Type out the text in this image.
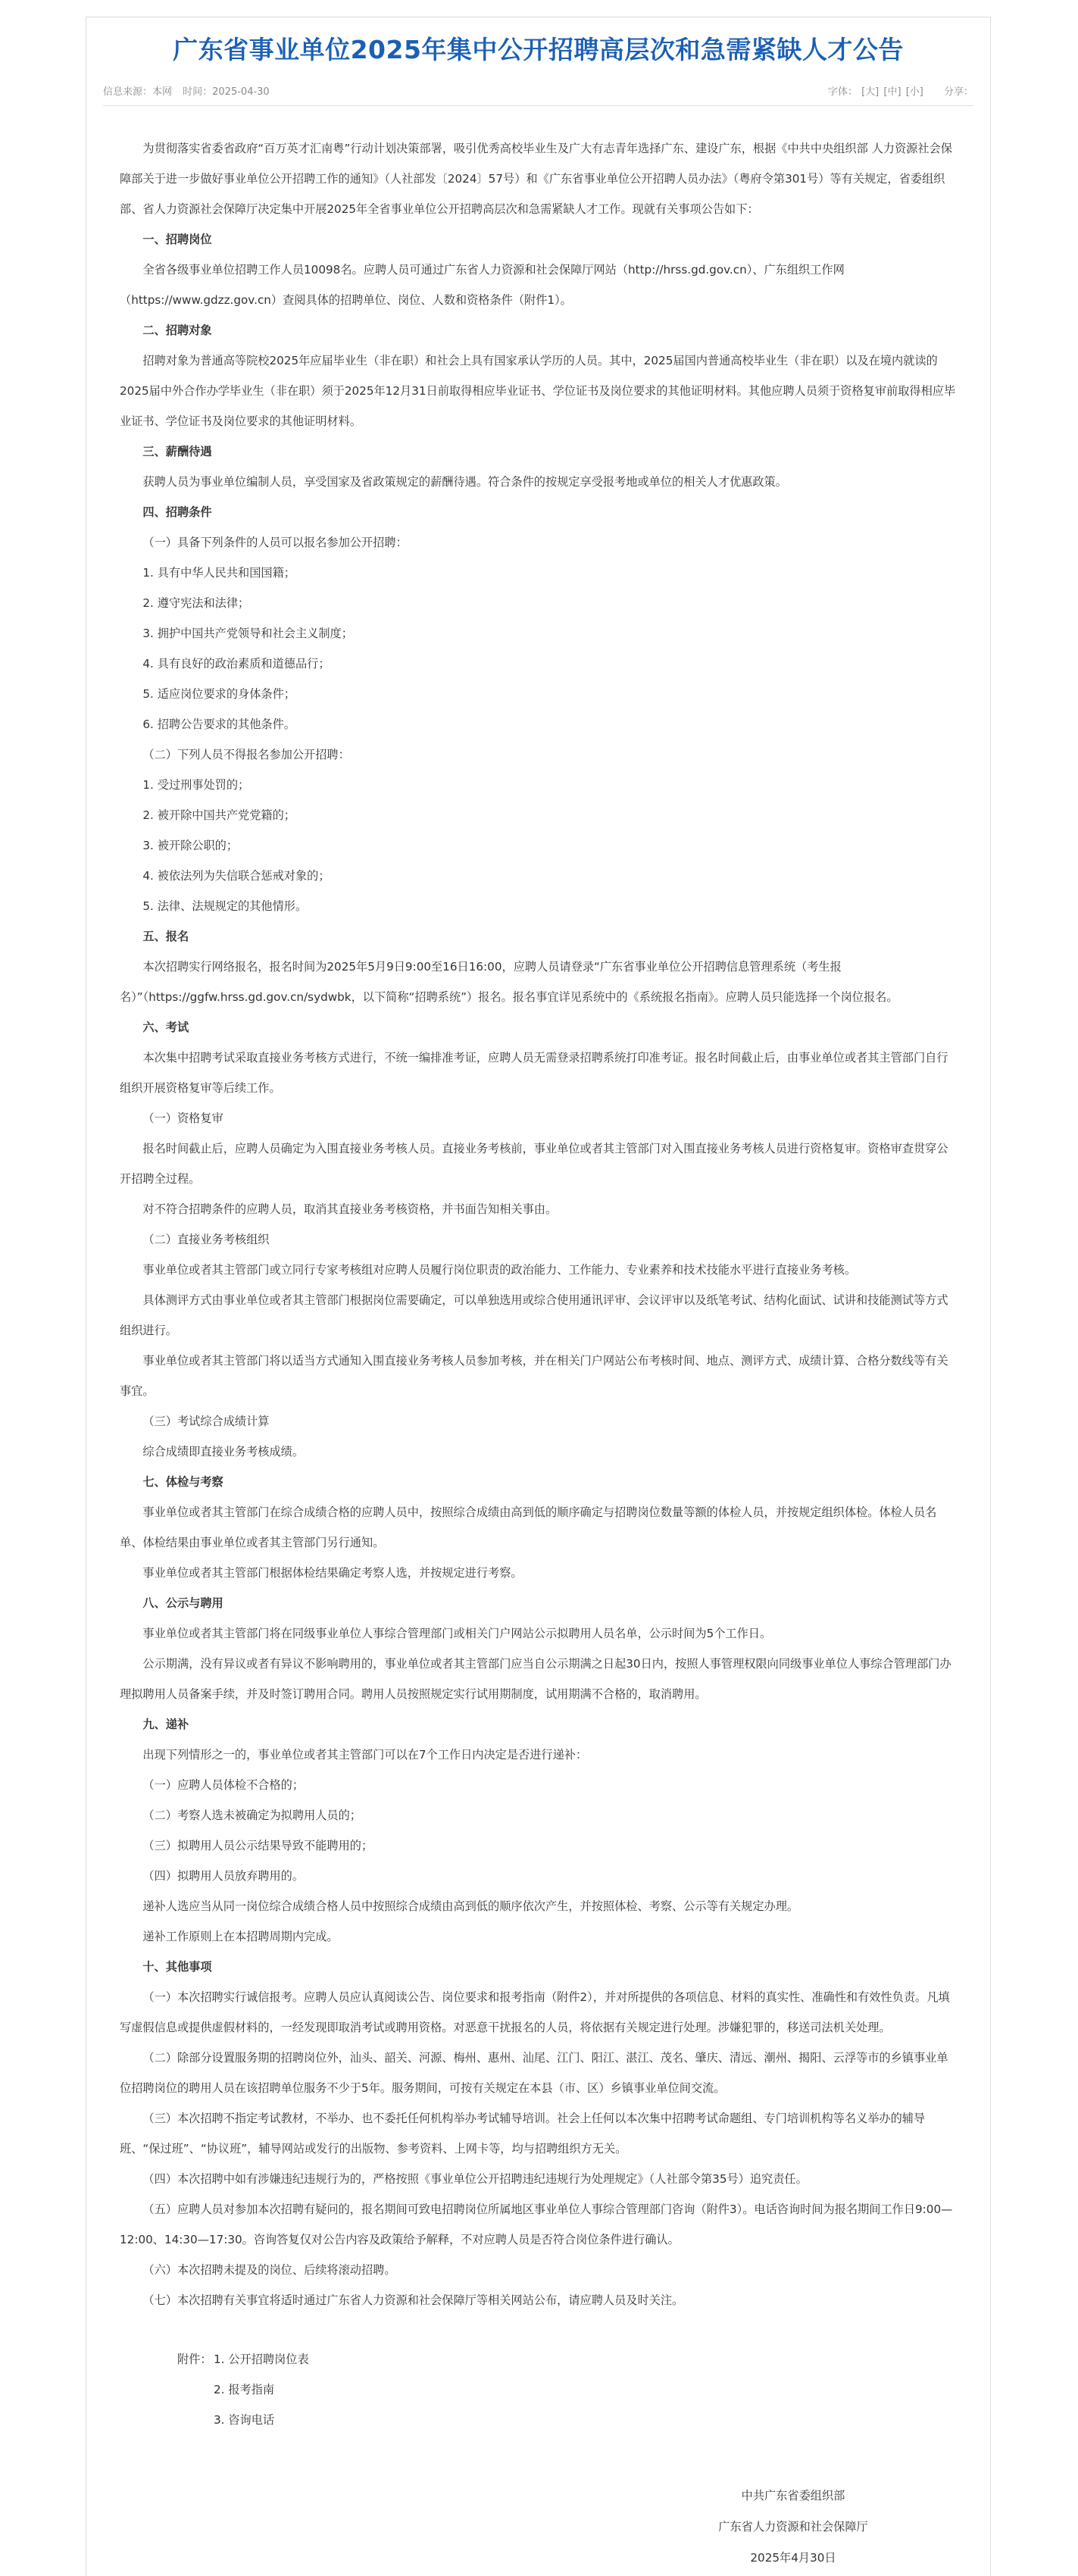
广东省事业单位2025年集中公开招聘高层次和急需紧缺人才公告
信息来源：本网 时间：2025-04-30	字体： [大] [中] [小] 分享：

为贯彻落实省委省政府“百万英才汇南粤”行动计划决策部署，吸引优秀高校毕业生及广大有志青年选择广东、建设广东，根据《中共中央组织部 人力资源社会保障部关于进一步做好事业单位公开招聘工作的通知》（人社部发〔2024〕57号）和《广东省事业单位公开招聘人员办法》（粤府令第301号）等有关规定，省委组织部、省人力资源社会保障厅决定集中开展2025年全省事业单位公开招聘高层次和急需紧缺人才工作。现就有关事项公告如下：

一、招聘岗位

全省各级事业单位招聘工作人员10098名。应聘人员可通过广东省人力资源和社会保障厅网站（http://hrss.gd.gov.cn）、广东组织工作网（https://www.gdzz.gov.cn）查阅具体的招聘单位、岗位、人数和资格条件（附件1）。

二、招聘对象

招聘对象为普通高等院校2025年应届毕业生（非在职）和社会上具有国家承认学历的人员。其中，2025届国内普通高校毕业生（非在职）以及在境内就读的2025届中外合作办学毕业生（非在职）须于2025年12月31日前取得相应毕业证书、学位证书及岗位要求的其他证明材料。其他应聘人员须于资格复审前取得相应毕业证书、学位证书及岗位要求的其他证明材料。

三、薪酬待遇

获聘人员为事业单位编制人员，享受国家及省政策规定的薪酬待遇。符合条件的按规定享受报考地或单位的相关人才优惠政策。

四、招聘条件

（一）具备下列条件的人员可以报名参加公开招聘：

1. 具有中华人民共和国国籍；

2. 遵守宪法和法律；

3. 拥护中国共产党领导和社会主义制度；

4. 具有良好的政治素质和道德品行；

5. 适应岗位要求的身体条件；

6. 招聘公告要求的其他条件。

（二）下列人员不得报名参加公开招聘：

1. 受过刑事处罚的；

2. 被开除中国共产党党籍的；

3. 被开除公职的；

4. 被依法列为失信联合惩戒对象的；

5. 法律、法规规定的其他情形。

五、报名

本次招聘实行网络报名，报名时间为2025年5月9日9:00至16日16:00，应聘人员请登录“广东省事业单位公开招聘信息管理系统（考生报名）”（https://ggfw.hrss.gd.gov.cn/sydwbk，以下简称“招聘系统”）报名。报名事宜详见系统中的《系统报名指南》。应聘人员只能选择一个岗位报名。

六、考试

本次集中招聘考试采取直接业务考核方式进行，不统一编排准考证，应聘人员无需登录招聘系统打印准考证。报名时间截止后，由事业单位或者其主管部门自行组织开展资格复审等后续工作。

（一）资格复审

报名时间截止后，应聘人员确定为入围直接业务考核人员。直接业务考核前，事业单位或者其主管部门对入围直接业务考核人员进行资格复审。资格审查贯穿公开招聘全过程。

对不符合招聘条件的应聘人员，取消其直接业务考核资格，并书面告知相关事由。

（二）直接业务考核组织

事业单位或者其主管部门或立同行专家考核组对应聘人员履行岗位职责的政治能力、工作能力、专业素养和技术技能水平进行直接业务考核。

具体测评方式由事业单位或者其主管部门根据岗位需要确定，可以单独选用或综合使用通讯评审、会议评审以及纸笔考试、结构化面试、试讲和技能测试等方式组织进行。

事业单位或者其主管部门将以适当方式通知入围直接业务考核人员参加考核，并在相关门户网站公布考核时间、地点、测评方式、成绩计算、合格分数线等有关事宜。

（三）考试综合成绩计算

综合成绩即直接业务考核成绩。

七、体检与考察

事业单位或者其主管部门在综合成绩合格的应聘人员中，按照综合成绩由高到低的顺序确定与招聘岗位数量等额的体检人员，并按规定组织体检。体检人员名单、体检结果由事业单位或者其主管部门另行通知。

事业单位或者其主管部门根据体检结果确定考察人选，并按规定进行考察。

八、公示与聘用

事业单位或者其主管部门将在同级事业单位人事综合管理部门或相关门户网站公示拟聘用人员名单，公示时间为5个工作日。

公示期满，没有异议或者有异议不影响聘用的，事业单位或者其主管部门应当自公示期满之日起30日内，按照人事管理权限向同级事业单位人事综合管理部门办理拟聘用人员备案手续，并及时签订聘用合同。聘用人员按照规定实行试用期制度，试用期满不合格的，取消聘用。

九、递补

出现下列情形之一的，事业单位或者其主管部门可以在7个工作日内决定是否进行递补：

（一）应聘人员体检不合格的；

（二）考察人选未被确定为拟聘用人员的；

（三）拟聘用人员公示结果导致不能聘用的；

（四）拟聘用人员放弃聘用的。

递补人选应当从同一岗位综合成绩合格人员中按照综合成绩由高到低的顺序依次产生，并按照体检、考察、公示等有关规定办理。

递补工作原则上在本招聘周期内完成。

十、其他事项

（一）本次招聘实行诚信报考。应聘人员应认真阅读公告、岗位要求和报考指南（附件2），并对所提供的各项信息、材料的真实性、准确性和有效性负责。凡填写虚假信息或提供虚假材料的，一经发现即取消考试或聘用资格。对恶意干扰报名的人员，将依据有关规定进行处理。涉嫌犯罪的，移送司法机关处理。

（二）除部分设置服务期的招聘岗位外，汕头、韶关、河源、梅州、惠州、汕尾、江门、阳江、湛江、茂名、肇庆、清远、潮州、揭阳、云浮等市的乡镇事业单位招聘岗位的聘用人员在该招聘单位服务不少于5年。服务期间，可按有关规定在本县（市、区）乡镇事业单位间交流。

（三）本次招聘不指定考试教材，不举办、也不委托任何机构举办考试辅导培训。社会上任何以本次集中招聘考试命题组、专门培训机构等名义举办的辅导班、“保过班”、“协议班”，辅导网站或发行的出版物、参考资料、上网卡等，均与招聘组织方无关。

（四）本次招聘中如有涉嫌违纪违规行为的，严格按照《事业单位公开招聘违纪违规行为处理规定》（人社部令第35号）追究责任。

（五）应聘人员对参加本次招聘有疑问的，报名期间可致电招聘岗位所属地区事业单位人事综合管理部门咨询（附件3）。电话咨询时间为报名期间工作日9:00—12:00、14:30—17:30。咨询答复仅对公告内容及政策给予解释，不对应聘人员是否符合岗位条件进行确认。

（六）本次招聘未提及的岗位、后续将滚动招聘。

（七）本次招聘有关事宜将适时通过广东省人力资源和社会保障厅等相关网站公布，请应聘人员及时关注。

附件： 1. 公开招聘岗位表
2. 报考指南
3. 咨询电话
中共广东省委组织部
广东省人力资源和社会保障厅
2025年4月30日
